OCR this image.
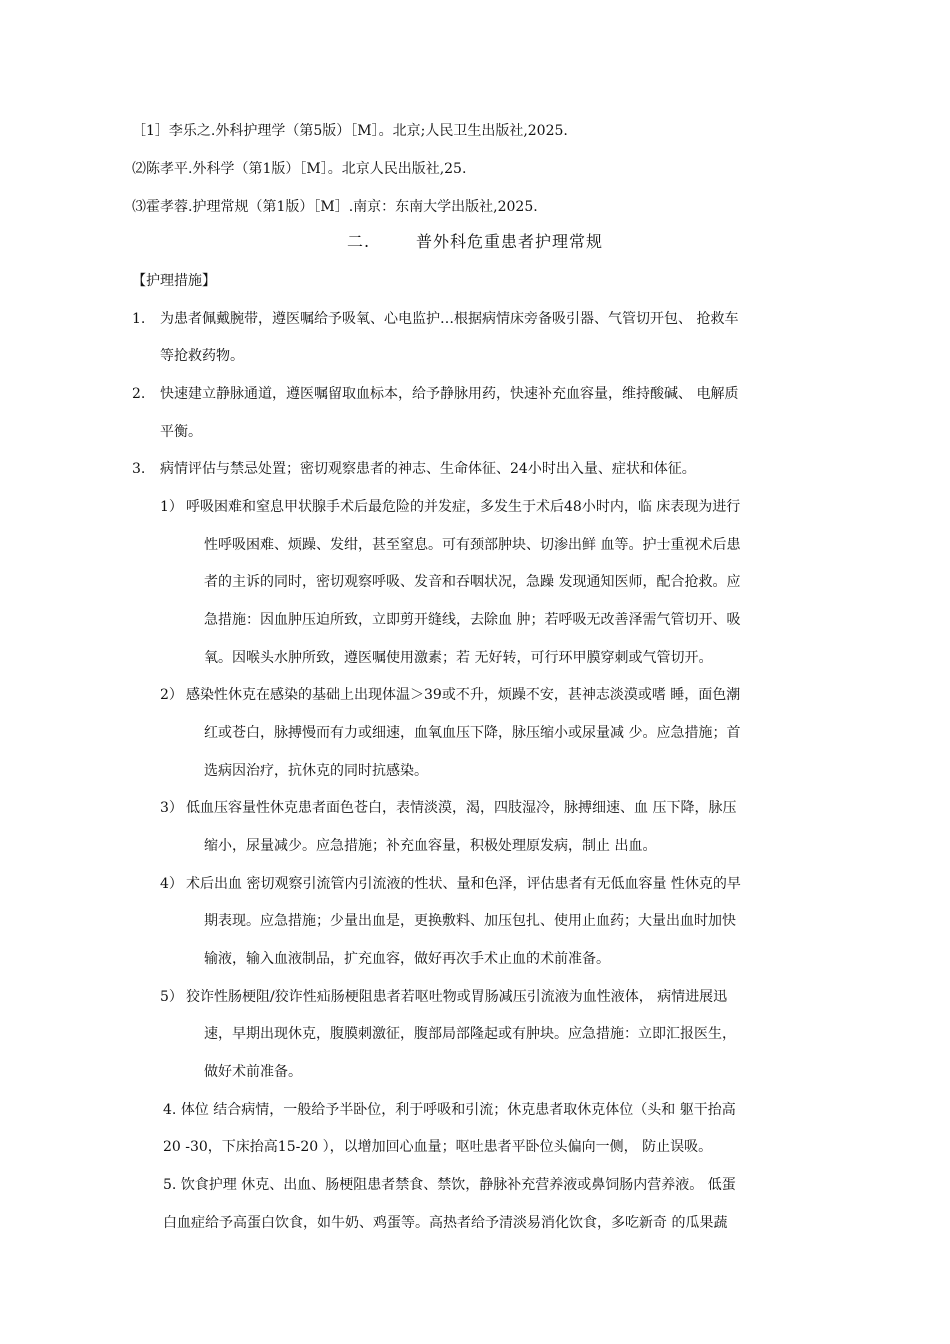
［1］李乐之.外科护理学（第5版）［M］。北京;人民卫生出版社,2025.
⑵陈孝平.外科学（第1版）［M］。北京人民出版社,25.
⑶霍孝蓉.护理常规（第1版）［M］.南京：东南大学出版社,2025.
二.	普外科危重患者护理常规
【护理措施】
1. 为患者佩戴腕带，遵医嘱给予吸氧、心电监护…根据病情床旁备吸引器、气管切开包、 抢救车
等抢救药物。
2. 快速建立静脉通道，遵医嘱留取血标本，给予静脉用药，快速补充血容量，维持酸碱、 电解质
平衡。
3. 病情评估与禁忌处置；密切观察患者的神志、生命体征、24小时出入量、症状和体征。
1） 呼吸困难和窒息甲状腺手术后最危险的并发症，多发生于术后48小时内，临 床表现为进行
性呼吸困难、烦躁、发绀，甚至窒息。可有颈部肿块、切渗出鲜 血等。护士重视术后患
者的主诉的同时，密切观察呼吸、发音和吞咽状况，急躁 发现通知医师，配合抢救。应
急措施：因血肿压迫所致，立即剪开缝线，去除血 肿；若呼吸无改善泽需气管切开、吸
氧。因喉头水肿所致，遵医嘱使用激素；若 无好转，可行环甲膜穿刺或气管切开。
2） 感染性休克在感染的基础上出现体温＞39或不升，烦躁不安，甚神志淡漠或嗜 睡，面色潮
红或苍白，脉搏慢而有力或细速，血氧血压下降，脉压缩小或尿量减 少。应急措施；首
选病因治疗，抗休克的同时抗感染。
3） 低血压容量性休克患者面色苍白，表情淡漠，渴，四肢湿冷，脉搏细速、血 压下降，脉压
缩小，尿量减少。应急措施；补充血容量，积极处理原发病，制止 出血。
4） 术后出血 密切观察引流管内引流液的性状、量和色泽，评估患者有无低血容量 性休克的早
期表现。应急措施；少量出血是，更换敷料、加压包扎、使用止血药；大量出血时加快
输液，输入血液制品，扩充血容，做好再次手术止血的术前准备。
5） 狡诈性肠梗阻/狡诈性疝肠梗阻患者若呕吐物或胃肠减压引流液为血性液体， 病情进展迅
速，早期出现休克，腹膜刺激征，腹部局部隆起或有肿块。应急措施：立即汇报医生，
做好术前准备。
4. 体位 结合病情，一般给予半卧位，利于呼吸和引流；休克患者取休克体位（头和 躯干抬高
20 -30，下床抬高15-20 ），以增加回心血量；呕吐患者平卧位头偏向一侧， 防止误吸。
5. 饮食护理 休克、出血、肠梗阻患者禁食、禁饮，静脉补充营养液或鼻饲肠内营养液。 低蛋
白血症给予高蛋白饮食，如牛奶、鸡蛋等。高热者给予清淡易消化饮食，多吃新奇 的瓜果蔬
